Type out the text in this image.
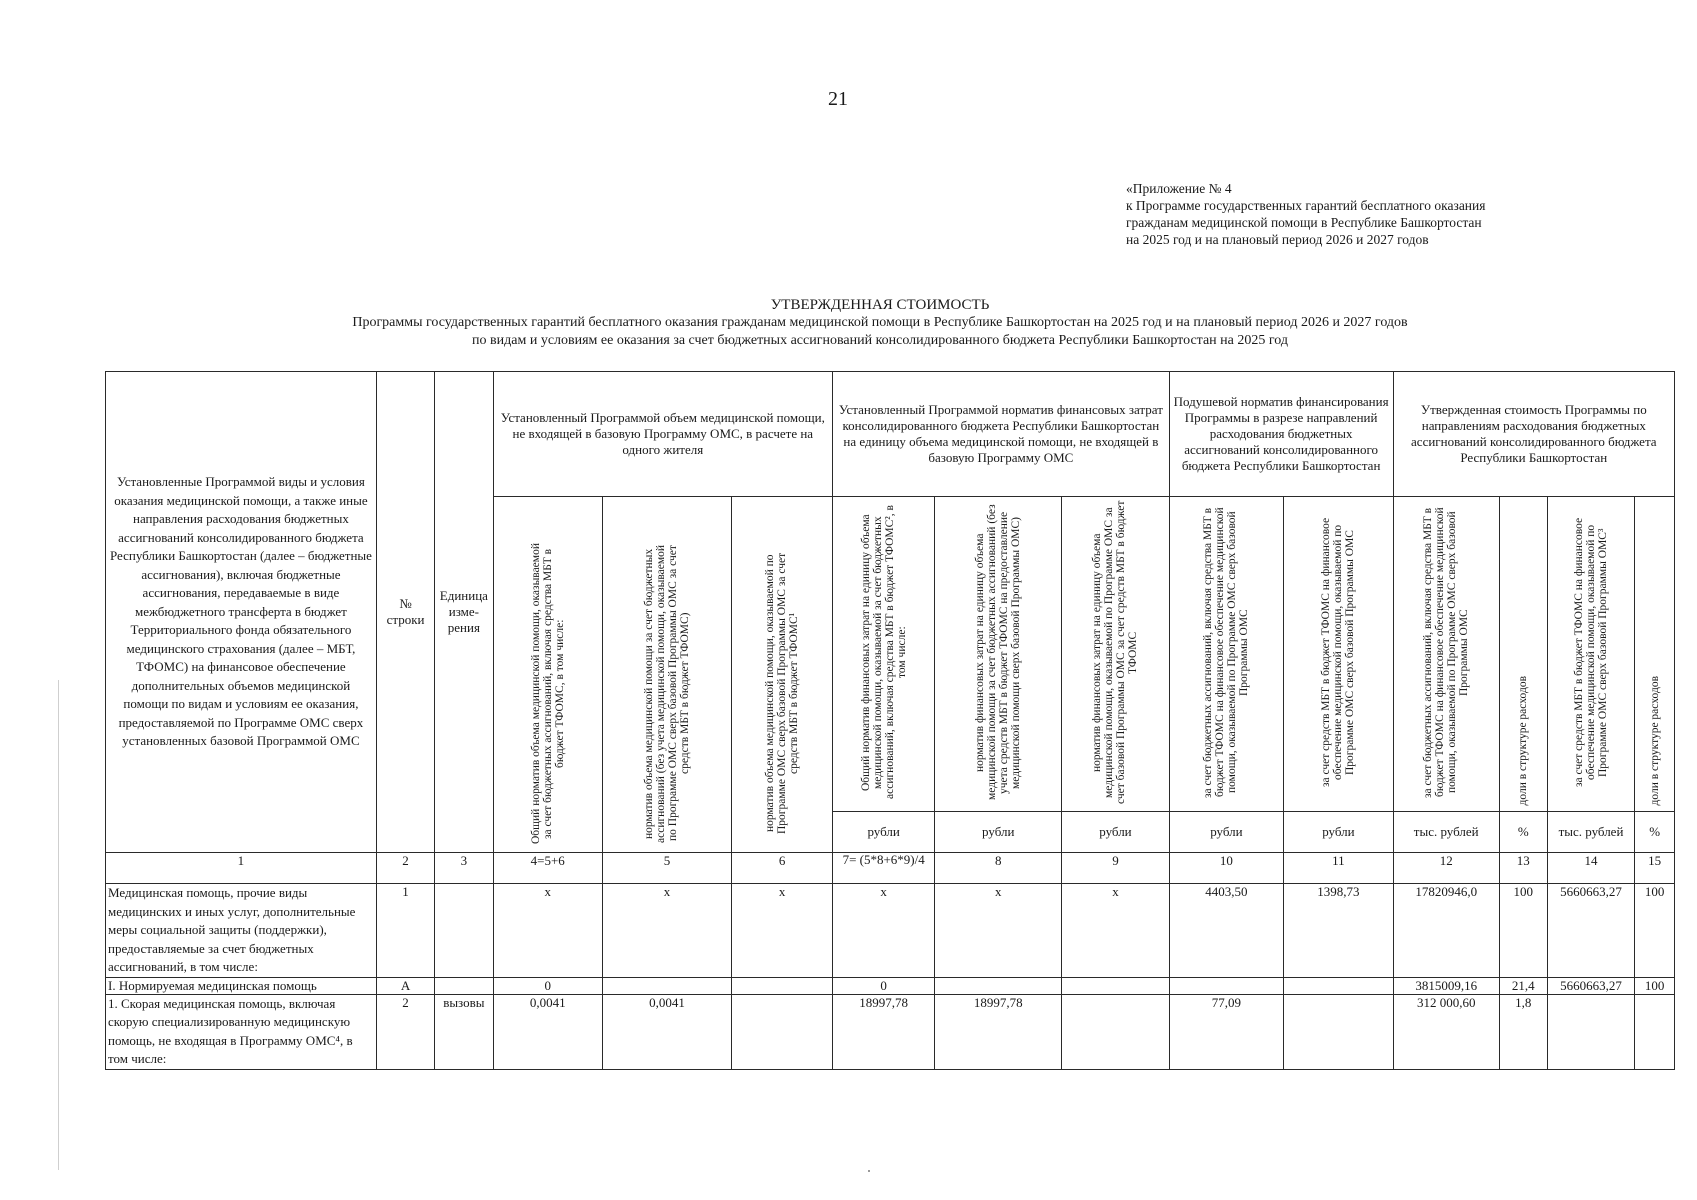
21
«Приложение № 4
к Программе государственных гарантий бесплатного оказания
гражданам медицинской помощи в Республике Башкортостан
на 2025 год и на плановый период 2026 и 2027 годов
УТВЕРЖДЕННАЯ СТОИМОСТЬ
Программы государственных гарантий бесплатного оказания гражданам медицинской помощи в Республике Башкортостан на 2025 год и на плановый период 2026 и 2027 годов
по видам и условиям ее оказания за счет бюджетных ассигнований консолидированного бюджета Республики Башкортостан на 2025 год
Установленные Программой виды и условия оказания медицинской помощи, а также иные направления расходования бюджетных ассигнований консолидированного бюджета Республики Башкортостан (далее – бюджетные ассигнования), включая бюджетные ассигнования, передаваемые в виде межбюджетного трансферта в бюджет Территориального фонда обязательного медицинского страхования (далее – МБТ, ТФОМС) на финансовое обеспечение дополнительных объемов медицинской помощи по видам и условиям ее оказания, предоставляемой по Программе ОМС сверх установленных базовой Программой ОМС	№ строки	Единица изме-рения	Установленный Программой объем медицинской помощи, не входящей в базовую Программу ОМС, в расчете на одного жителя			Установленный Программой норматив финансовых затрат консолидированного бюджета Республики Башкортостан на единицу объема медицинской помощи, не входящей в базовую Программу ОМС			Подушевой норматив финансирования Программы в разрезе направлений расходования бюджетных ассигнований консолидированного бюджета Республики Башкортостан		Утвержденная стоимость Программы по направлениям расходования бюджетных ассигнований консолидированного бюджета Республики Башкортостан			
			Общий норматив объема медицинской помощи, оказываемой за счет бюджетных ассигнований, включая средства МБТ в бюджет ТФОМС, в том числе:	норматив объема медицинской помощи за счет бюджетных ассигнований (без учета медицинской помощи, оказываемой по Программе ОМС сверх базовой Программы ОМС за счет средств МБТ в бюджет ТФОМС)	норматив объема медицинской помощи, оказываемой по Программе ОМС сверх базовой Программы ОМС за счет средств МБТ в бюджет ТФОМС¹	Общий норматив финансовых затрат на единицу объема медицинской помощи, оказываемой за счет бюджетных ассигнований, включая средства МБТ в бюджет ТФОМС², в том числе:	норматив финансовых затрат на единицу объема медицинской помощи за счет бюджетных ассигнований (без учета средств МБТ в бюджет ТФОМС на предоставление медицинской помощи сверх базовой Программы ОМС)	норматив финансовых затрат на единицу объема медицинской помощи, оказываемой по Программе ОМС за счет базовой Программы ОМС за счет средств МБТ в бюджет ТФОМС	за счет бюджетных ассигнований, включая средства МБТ в бюджет ТФОМС на финансовое обеспечение медицинской помощи, оказываемой по Программе ОМС сверх базовой Программы ОМС	за счет средств МБТ в бюджет ТФОМС на финансовое обеспечение медицинской помощи, оказываемой по Программе ОМС сверх базовой Программы ОМС	за счет бюджетных ассигнований, включая средства МБТ в бюджет ТФОМС на финансовое обеспечение медицинской помощи, оказываемой по Программе ОМС сверх базовой Программы ОМС	доли в структуре расходов	за счет средств МБТ в бюджет ТФОМС на финансовое обеспечение медицинской помощи, оказываемой по Программе ОМС сверх базовой Программы ОМС³	доли в структуре расходов
						рубли	рубли	рубли	рубли	рубли	тыс. рублей	%	тыс. рублей	%
1	2	3	4=5+6	5	6	7= (5*8+6*9)/4	8	9	10	11	12	13	14	15
Медицинская помощь, прочие виды медицинских и иных услуг, дополнительные меры социальной защиты (поддержки), предоставляемые за счет бюджетных ассигнований, в том числе:	1		х	х	х	х	х	х	4403,50	1398,73	17820946,0	100	5660663,27	100
I. Нормируемая медицинская помощь	А		0			0					3815009,16	21,4	5660663,27	100
1. Скорая медицинская помощь, включая скорую специализированную медицинскую помощь, не входящая в Программу ОМС⁴, в том числе:	2	вызовы	0,0041	0,0041		18997,78	18997,78		77,09		312 000,60	1,8		
